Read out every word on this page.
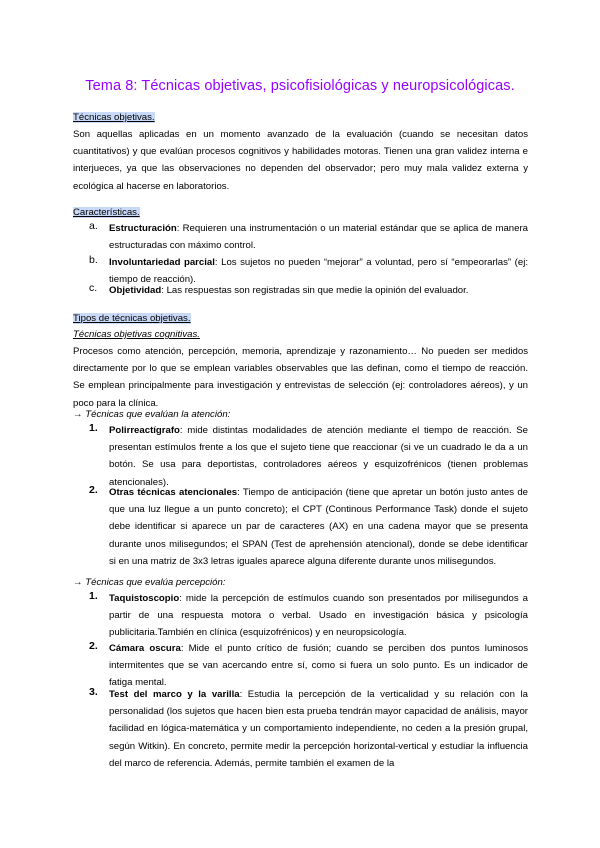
Tema 8: Técnicas objetivas, psicofisiológicas y neuropsicológicas.
Técnicas objetivas.
Son aquellas aplicadas en un momento avanzado de la evaluación (cuando se necesitan datos cuantitativos) y que evalúan procesos cognitivos y habilidades motoras. Tienen una gran validez interna e interjueces, ya que las observaciones no dependen del observador; pero muy mala validez externa y ecológica al hacerse en laboratorios.
Características.
a. Estructuración: Requieren una instrumentación o un material estándar que se aplica de manera estructuradas con máximo control.
b. Involuntariedad parcial: Los sujetos no pueden “mejorar” a voluntad, pero sí “empeorarlas” (ej: tiempo de reacción).
c. Objetividad: Las respuestas son registradas sin que medie la opinión del evaluador.
Tipos de técnicas objetivas.
Técnicas objetivas cognitivas.
Procesos como atención, percepción, memoria, aprendizaje y razonamiento… No pueden ser medidos directamente por lo que se emplean variables observables que las definan, como el tiempo de reacción. Se emplean principalmente para investigación y entrevistas de selección (ej: controladores aéreos), y un poco para la clínica.
→ Técnicas que evalúan la atención:
1. Polirreactígrafo: mide distintas modalidades de atención mediante el tiempo de reacción. Se presentan estímulos frente a los que el sujeto tiene que reaccionar (si ve un cuadrado le da a un botón. Se usa para deportistas, controladores aéreos y esquizofrénicos (tienen problemas atencionales).
2. Otras técnicas atencionales: Tiempo de anticipación (tiene que apretar un botón justo antes de que una luz llegue a un punto concreto); el CPT (Continous Performance Task) donde el sujeto debe identificar si aparece un par de caracteres (AX) en una cadena mayor que se presenta durante unos milisegundos; el SPAN (Test de aprehensión atencional), donde se debe identificar si en una matriz de 3x3 letras iguales aparece alguna diferente durante unos milisegundos.
→ Técnicas que evalúa percepción:
1. Taquistoscopio: mide la percepción de estímulos cuando son presentados por milisegundos a partir de una respuesta motora o verbal. Usado en investigación básica y psicología publicitaria.También en clínica (esquizofrénicos) y en neuropsicología.
2. Cámara oscura: Mide el punto crítico de fusión; cuando se perciben dos puntos luminosos intermitentes que se van acercando entre sí, como si fuera un solo punto. Es un indicador de fatiga mental.
3. Test del marco y la varilla: Estudia la percepción de la verticalidad y su relación con la personalidad (los sujetos que hacen bien esta prueba tendrán mayor capacidad de análisis, mayor facilidad en lógica-matemática y un comportamiento independiente, no ceden a la presión grupal, según Witkin). En concreto, permite medir la percepción horizontal-vertical y estudiar la influencia del marco de referencia. Además, permite también el examen de la
